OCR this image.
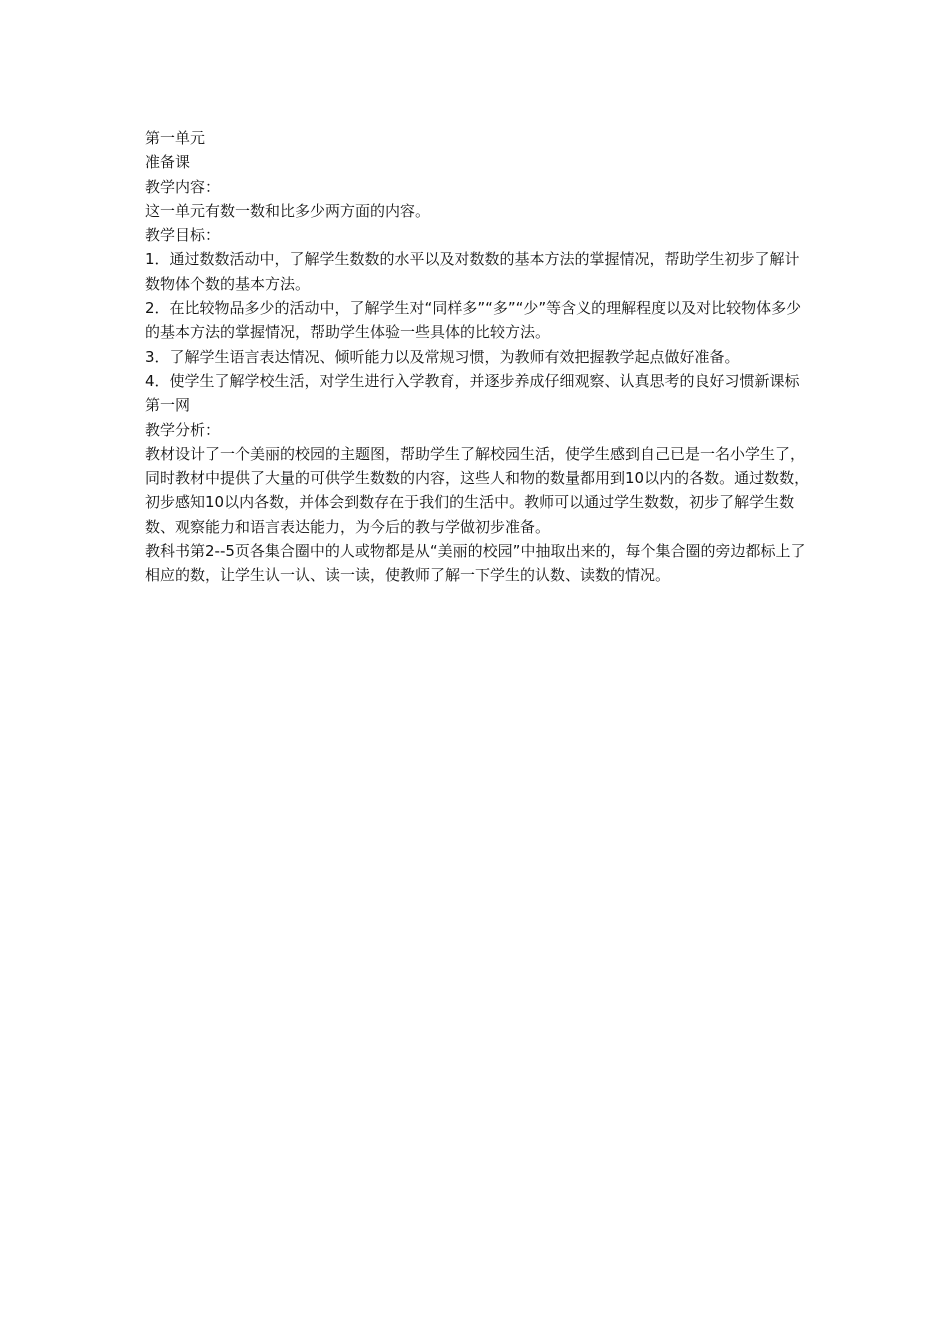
第一单元

准备课

教学内容：

这一单元有数一数和比多少两方面的内容。

教学目标：

1．通过数数活动中，了解学生数数的水平以及对数数的基本方法的掌握情况，帮助学生初步了解计数物体个数的基本方法。

2．在比较物品多少的活动中，了解学生对“同样多”“多”“少”等含义的理解程度以及对比较物体多少的基本方法的掌握情况，帮助学生体验一些具体的比较方法。

3．了解学生语言表达情况、倾听能力以及常规习惯，为教师有效把握教学起点做好准备。

4．使学生了解学校生活，对学生进行入学教育，并逐步养成仔细观察、认真思考的良好习惯新课标第一网

教学分析：

教材设计了一个美丽的校园的主题图，帮助学生了解校园生活，使学生感到自己已是一名小学生了，同时教材中提供了大量的可供学生数数的内容，这些人和物的数量都用到10以内的各数。通过数数，初步感知10以内各数，并体会到数存在于我们的生活中。教师可以通过学生数数，初步了解学生数数、观察能力和语言表达能力，为今后的教与学做初步准备。

教科书第2--5页各集合圈中的人或物都是从“美丽的校园”中抽取出来的，每个集合圈的旁边都标上了相应的数，让学生认一认、读一读，使教师了解一下学生的认数、读数的情况。
